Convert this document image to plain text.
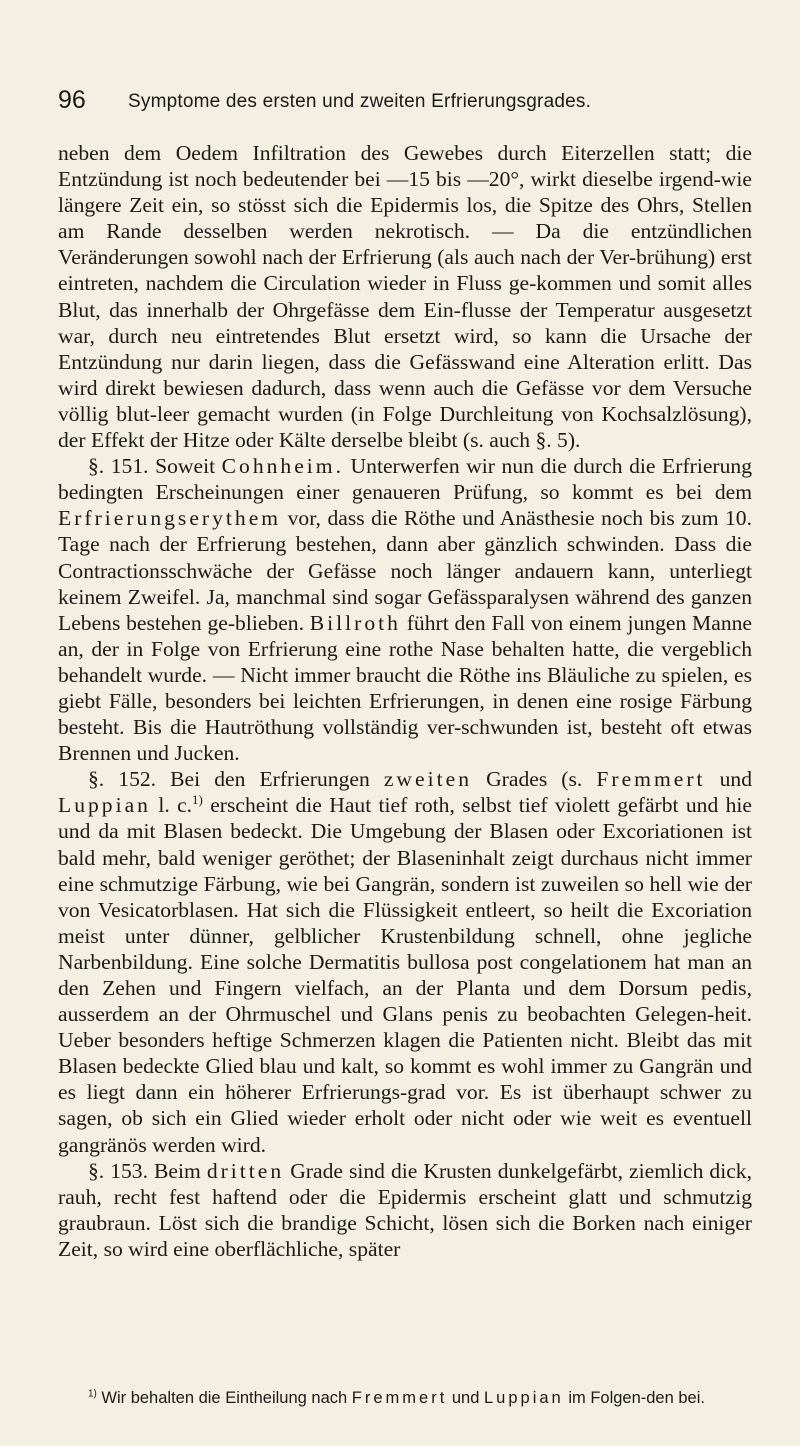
96 Symptome des ersten und zweiten Erfrierungsgrades.

neben dem Oedem Infiltration des Gewebes durch Eiterzellen statt; die Entzündung ist noch bedeutender bei —15 bis —20°, wirkt dieselbe irgend-wie längere Zeit ein, so stösst sich die Epidermis los, die Spitze des Ohrs, Stellen am Rande desselben werden nekrotisch. — Da die entzündlichen Veränderungen sowohl nach der Erfrierung (als auch nach der Ver-brühung) erst eintreten, nachdem die Circulation wieder in Fluss ge-kommen und somit alles Blut, das innerhalb der Ohrgefässe dem Ein-flusse der Temperatur ausgesetzt war, durch neu eintretendes Blut ersetzt wird, so kann die Ursache der Entzündung nur darin liegen, dass die Gefässwand eine Alteration erlitt. Das wird direkt bewiesen dadurch, dass wenn auch die Gefässe vor dem Versuche völlig blut-leer gemacht wurden (in Folge Durchleitung von Kochsalzlösung), der Effekt der Hitze oder Kälte derselbe bleibt (s. auch §. 5).

§. 151. Soweit Cohnheim. Unterwerfen wir nun die durch die Erfrierung bedingten Erscheinungen einer genaueren Prüfung, so kommt es bei dem Erfrierungserythem vor, dass die Röthe und Anästhesie noch bis zum 10. Tage nach der Erfrierung bestehen, dann aber gänzlich schwinden. Dass die Contractionsschwäche der Gefässe noch länger andauern kann, unterliegt keinem Zweifel. Ja, manchmal sind sogar Gefässparalysen während des ganzen Lebens bestehen ge-blieben. Billroth führt den Fall von einem jungen Manne an, der in Folge von Erfrierung eine rothe Nase behalten hatte, die vergeblich behandelt wurde. — Nicht immer braucht die Röthe ins Bläuliche zu spielen, es giebt Fälle, besonders bei leichten Erfrierungen, in denen eine rosige Färbung besteht. Bis die Hautröthung vollständig ver-schwunden ist, besteht oft etwas Brennen und Jucken.

§. 152. Bei den Erfrierungen zweiten Grades (s. Fremmert und Luppian l. c.$^{1)}$ erscheint die Haut tief roth, selbst tief violett gefärbt und hie und da mit Blasen bedeckt. Die Umgebung der Blasen oder Excoriationen ist bald mehr, bald weniger geröthet; der Blaseninhalt zeigt durchaus nicht immer eine schmutzige Färbung, wie bei Gangrän, sondern ist zuweilen so hell wie der von Vesicatorblasen. Hat sich die Flüssigkeit entleert, so heilt die Excoriation meist unter dünner, gelblicher Krustenbildung schnell, ohne jegliche Narbenbildung. Eine solche Dermatitis bullosa post congelationem hat man an den Zehen und Fingern vielfach, an der Planta und dem Dorsum pedis, ausserdem an der Ohrmuschel und Glans penis zu beobachten Gelegen-heit. Ueber besonders heftige Schmerzen klagen die Patienten nicht. Bleibt das mit Blasen bedeckte Glied blau und kalt, so kommt es wohl immer zu Gangrän und es liegt dann ein höherer Erfrierungs-grad vor. Es ist überhaupt schwer zu sagen, ob sich ein Glied wieder erholt oder nicht oder wie weit es eventuell gangränös werden wird.

§. 153. Beim dritten Grade sind die Krusten dunkelgefärbt, ziemlich dick, rauh, recht fest haftend oder die Epidermis erscheint glatt und schmutzig graubraun. Löst sich die brandige Schicht, lösen sich die Borken nach einiger Zeit, so wird eine oberflächliche, später

$^{1)}$ Wir behalten die Eintheilung nach Fremmert und Luppian im Folgen-den bei.
